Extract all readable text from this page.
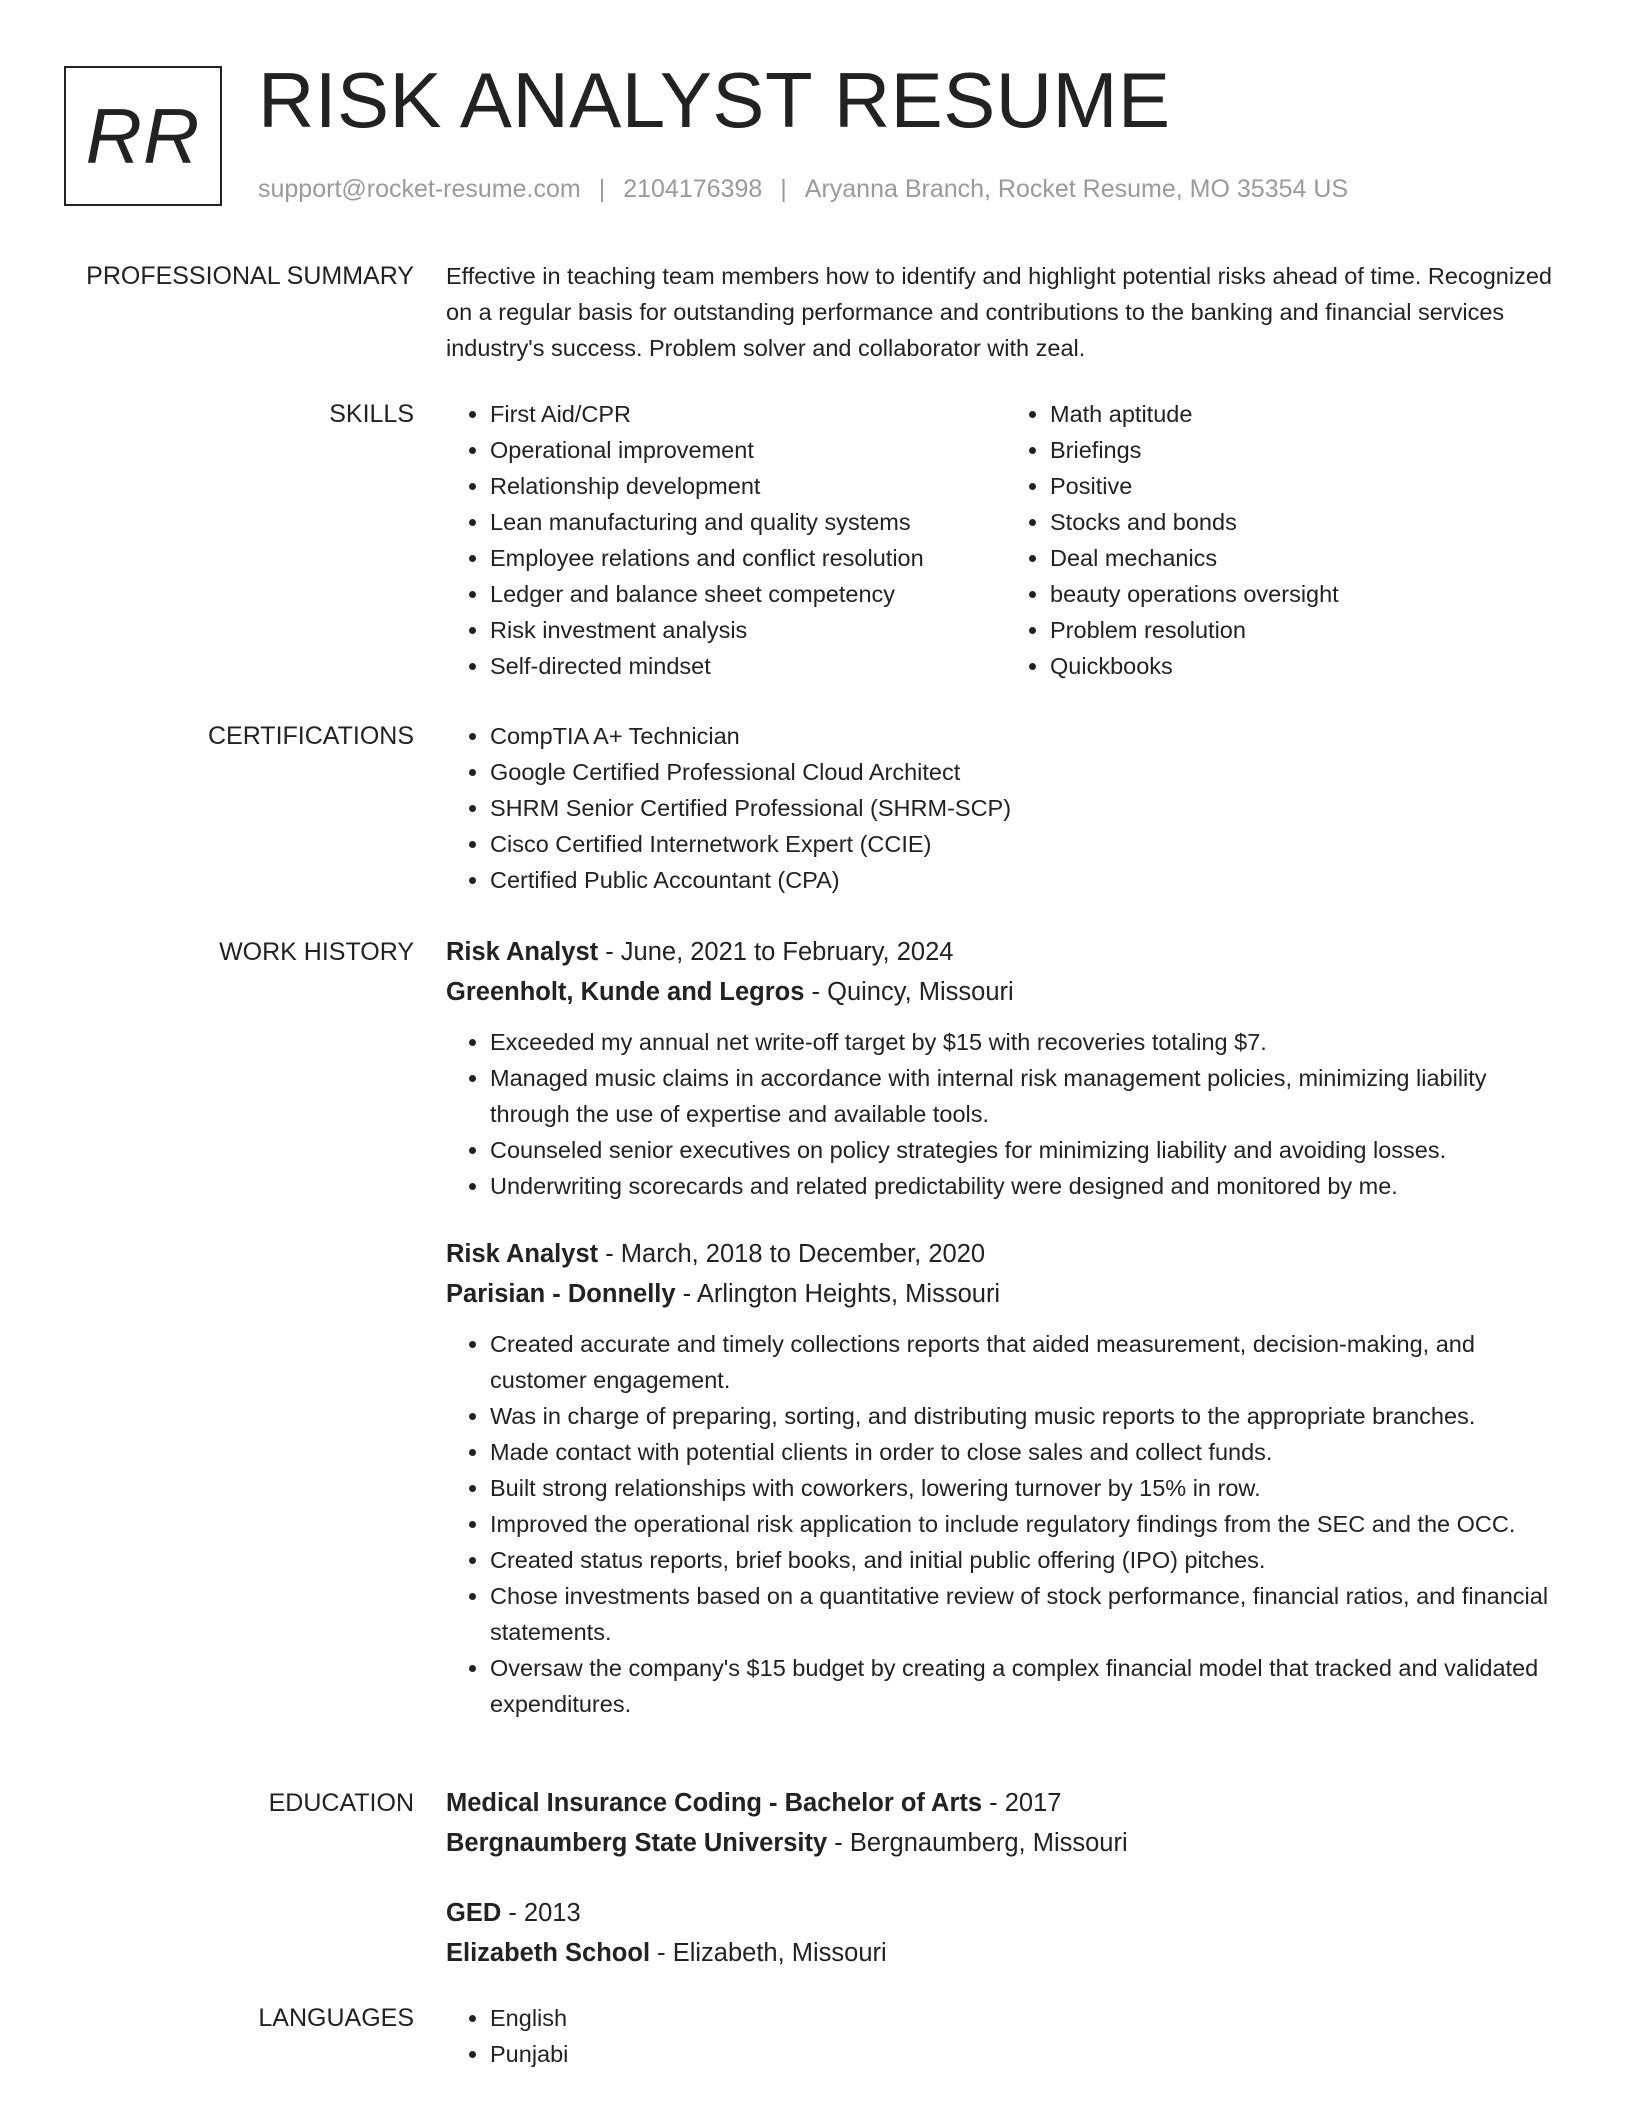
RR RISK ANALYST RESUME
support@rocket-resume.com | 2104176398 | Aryanna Branch, Rocket Resume, MO 35354 US
PROFESSIONAL SUMMARY Effective in teaching team members how to identify and highlight potential risks ahead of time. Recognized on a regular basis for outstanding performance and contributions to the banking and financial services industry's success. Problem solver and collaborator with zeal.
SKILLS	• First Aid/CPR
• Operational improvement
• Relationship development
• Lean manufacturing and quality systems
• Employee relations and conflict resolution
• Ledger and balance sheet competency
• Risk investment analysis
• Self-directed mindset
• Math aptitude
• Briefings
• Positive
• Stocks and bonds
• Deal mechanics
• beauty operations oversight
• Problem resolution
• Quickbooks
CERTIFICATIONS	• CompTIA A+ Technician
• Google Certified Professional Cloud Architect
• SHRM Senior Certified Professional (SHRM-SCP)
• Cisco Certified Internetwork Expert (CCIE)
• Certified Public Accountant (CPA)
WORK HISTORY Risk Analyst - June, 2021 to February, 2024
Greenholt, Kunde and Legros - Quincy, Missouri
• Exceeded my annual net write-off target by $15 with recoveries totaling $7.
• Managed music claims in accordance with internal risk management policies, minimizing liability through the use of expertise and available tools.
• Counseled senior executives on policy strategies for minimizing liability and avoiding losses.
• Underwriting scorecards and related predictability were designed and monitored by me.
Risk Analyst - March, 2018 to December, 2020
Parisian - Donnelly - Arlington Heights, Missouri
• Created accurate and timely collections reports that aided measurement, decision-making, and customer engagement.
• Was in charge of preparing, sorting, and distributing music reports to the appropriate branches.
• Made contact with potential clients in order to close sales and collect funds.
• Built strong relationships with coworkers, lowering turnover by 15% in row.
• Improved the operational risk application to include regulatory findings from the SEC and the OCC.
• Created status reports, brief books, and initial public offering (IPO) pitches.
• Chose investments based on a quantitative review of stock performance, financial ratios, and financial statements.
• Oversaw the company's $15 budget by creating a complex financial model that tracked and validated expenditures.
EDUCATION Medical Insurance Coding - Bachelor of Arts - 2017
Bergnaumberg State University - Bergnaumberg, Missouri
GED - 2013
Elizabeth School - Elizabeth, Missouri
LANGUAGES	• English
• Punjabi
